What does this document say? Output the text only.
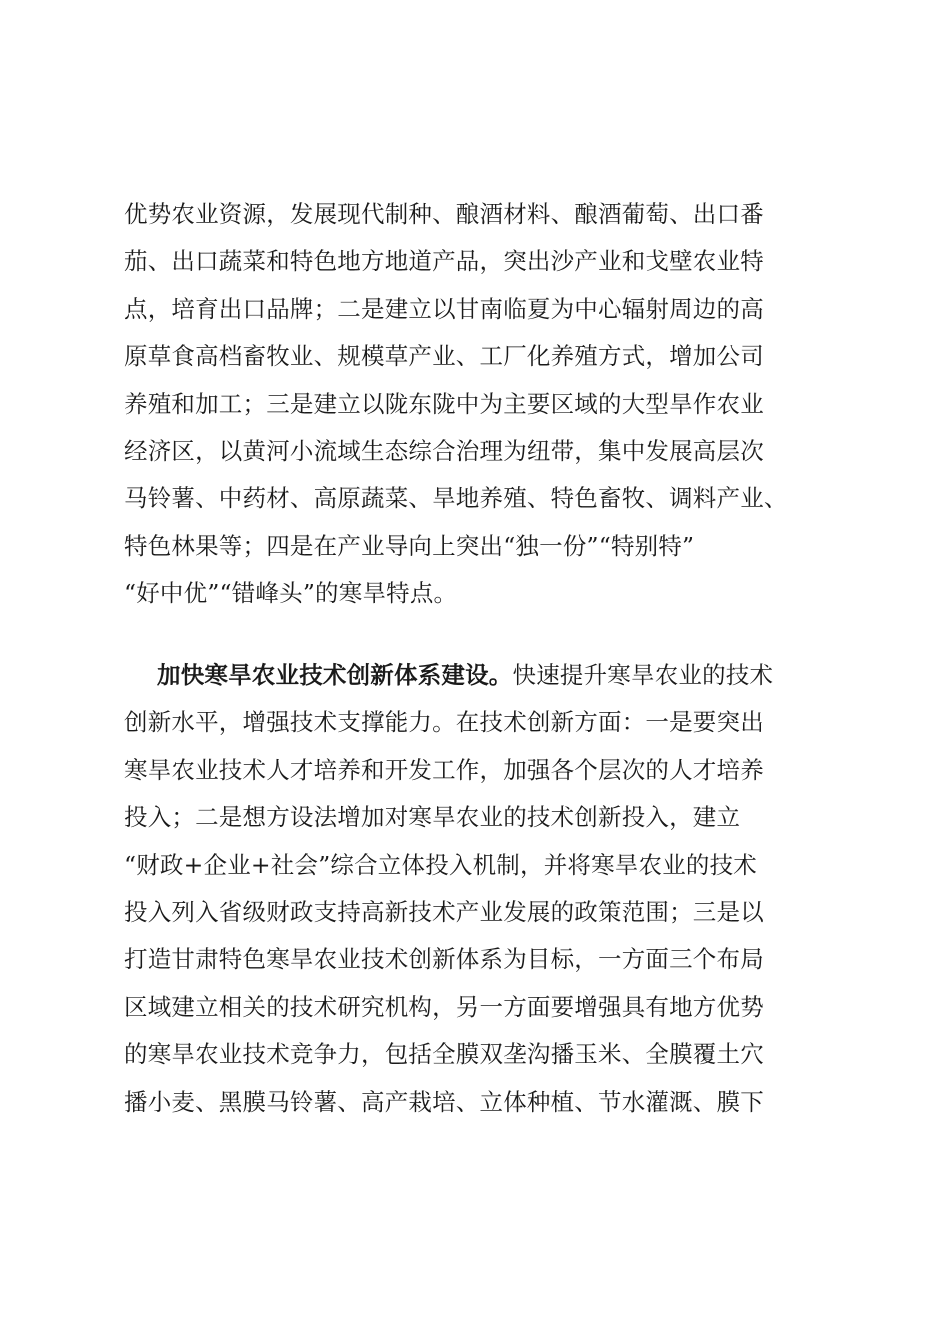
优势农业资源，发展现代制种、酿酒材料、酿酒葡萄、出口番
茄、出口蔬菜和特色地方地道产品，突出沙产业和戈壁农业特
点，培育出口品牌；二是建立以甘南临夏为中心辐射周边的高
原草食高档畜牧业、规模草产业、工厂化养殖方式，增加公司
养殖和加工；三是建立以陇东陇中为主要区域的大型旱作农业
经济区，以黄河小流域生态综合治理为纽带，集中发展高层次
马铃薯、中药材、高原蔬菜、旱地养殖、特色畜牧、调料产业、
特色林果等；四是在产业导向上突出“独一份”“特别特”
“好中优”“错峰头”的寒旱特点。
加快寒旱农业技术创新体系建设。快速提升寒旱农业的技术
创新水平，增强技术支撑能力。在技术创新方面：一是要突出
寒旱农业技术人才培养和开发工作，加强各个层次的人才培养
投入；二是想方设法增加对寒旱农业的技术创新投入，建立
“财政+企业+社会”综合立体投入机制，并将寒旱农业的技术
投入列入省级财政支持高新技术产业发展的政策范围；三是以
打造甘肃特色寒旱农业技术创新体系为目标，一方面三个布局
区域建立相关的技术研究机构，另一方面要增强具有地方优势
的寒旱农业技术竞争力，包括全膜双垄沟播玉米、全膜覆土穴
播小麦、黑膜马铃薯、高产栽培、立体种植、节水灌溉、膜下
